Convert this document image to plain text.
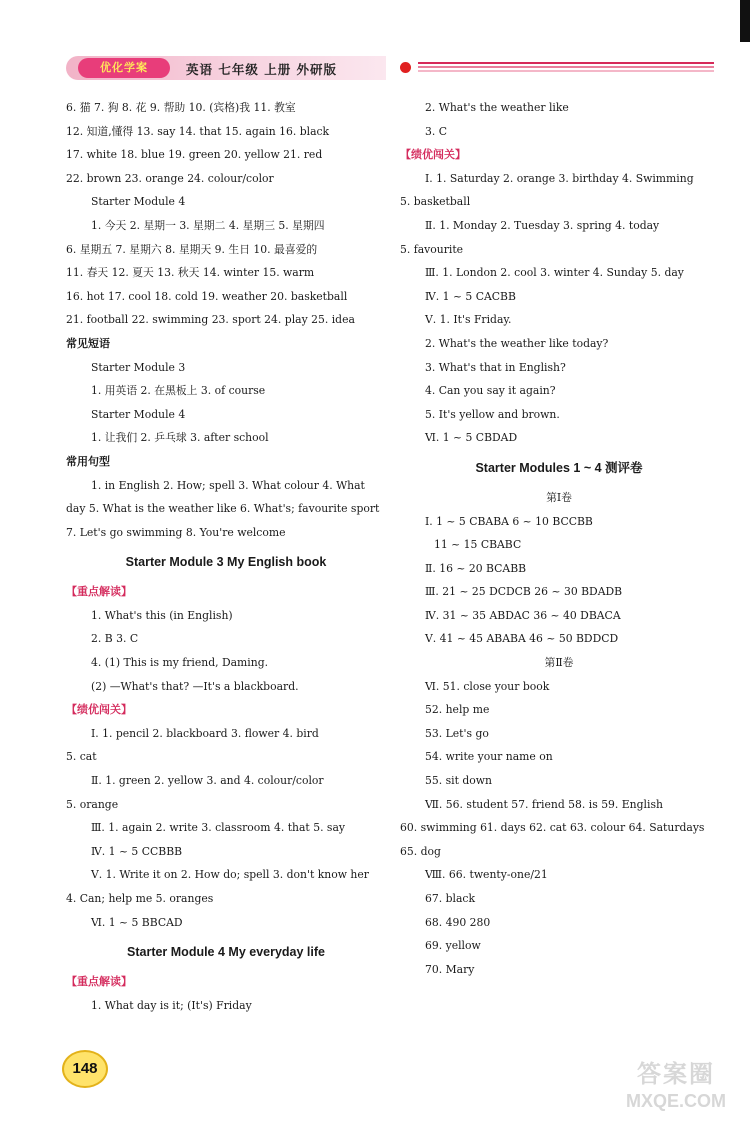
优化学案	英语 七年级 上册 外研版
6. 猫 7. 狗 8. 花 9. 帮助 10. (宾格)我 11. 教室
12. 知道,懂得 13. say 14. that 15. again 16. black
17. white 18. blue 19. green 20. yellow 21. red
22. brown 23. orange 24. colour/color
Starter Module 4
1. 今天 2. 星期一 3. 星期二 4. 星期三 5. 星期四
6. 星期五 7. 星期六 8. 星期天 9. 生日 10. 最喜爱的
11. 春天 12. 夏天 13. 秋天 14. winter 15. warm
16. hot 17. cool 18. cold 19. weather 20. basketball
21. football 22. swimming 23. sport 24. play 25. idea
常见短语
Starter Module 3
1. 用英语 2. 在黑板上 3. of course
Starter Module 4
1. 让我们 2. 乒乓球 3. after school
常用句型
1. in English 2. How; spell 3. What colour 4. What
day 5. What is the weather like 6. What's; favourite sport
7. Let's go swimming 8. You're welcome
Starter Module 3 My English book
【重点解读】
1. What's this (in English)
2. B 3. C
4. (1) This is my friend, Daming.
(2) —What's that? —It's a blackboard.
【绩优闯关】
Ⅰ. 1. pencil 2. blackboard 3. flower 4. bird
5. cat
Ⅱ. 1. green 2. yellow 3. and 4. colour/color
5. orange
Ⅲ. 1. again 2. write 3. classroom 4. that 5. say
Ⅳ. 1 ~ 5 CCBBB
Ⅴ. 1. Write it on 2. How do; spell 3. don't know her
4. Can; help me 5. oranges
Ⅵ. 1 ~ 5 BBCAD
Starter Module 4 My everyday life
【重点解读】
1. What day is it; (It's) Friday
2. What's the weather like
3. C
【绩优闯关】
Ⅰ. 1. Saturday 2. orange 3. birthday 4. Swimming
5. basketball
Ⅱ. 1. Monday 2. Tuesday 3. spring 4. today
5. favourite
Ⅲ. 1. London 2. cool 3. winter 4. Sunday 5. day
Ⅳ. 1 ~ 5 CACBB
Ⅴ. 1. It's Friday.
2. What's the weather like today?
3. What's that in English?
4. Can you say it again?
5. It's yellow and brown.
Ⅵ. 1 ~ 5 CBDAD
Starter Modules 1 ~ 4 测评卷
第Ⅰ卷
Ⅰ. 1 ~ 5 CBABA 6 ~ 10 BCCBB
11 ~ 15 CBABC
Ⅱ. 16 ~ 20 BCABB
Ⅲ. 21 ~ 25 DCDCB 26 ~ 30 BDADB
Ⅳ. 31 ~ 35 ABDAC 36 ~ 40 DBACA
Ⅴ. 41 ~ 45 ABABA 46 ~ 50 BDDCD
第Ⅱ卷
Ⅵ. 51. close your book
52. help me
53. Let's go
54. write your name on
55. sit down
Ⅶ. 56. student 57. friend 58. is 59. English
60. swimming 61. days 62. cat 63. colour 64. Saturdays
65. dog
Ⅷ. 66. twenty-one/21
67. black
68. 490 280
69. yellow
70. Mary
148	答案圈
MXQE.COM
